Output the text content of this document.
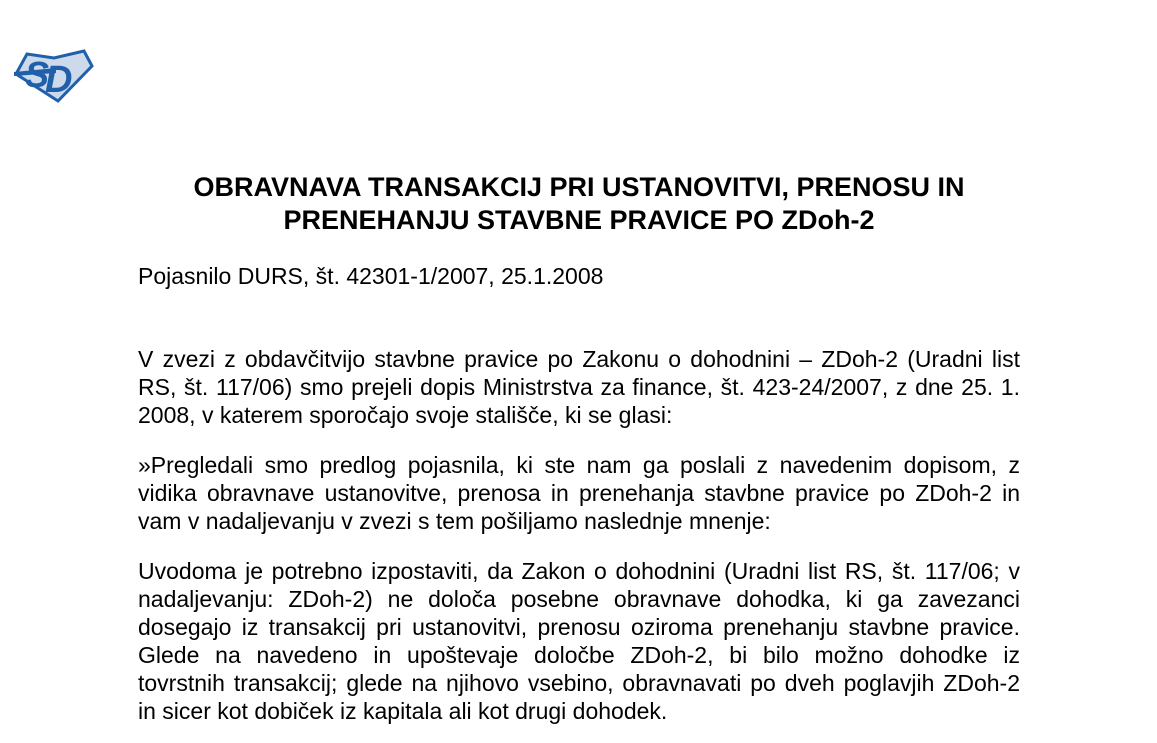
S
D
OBRAVNAVA TRANSAKCIJ PRI USTANOVITVI, PRENOSU IN
PRENEHANJU STAVBNE PRAVICE PO ZDoh-2
Pojasnilo DURS, št. 42301-1/2007, 25.1.2008
V zvezi z obdavčitvijo stavbne pravice po Zakonu o dohodnini – ZDoh-2 (Uradni list
RS, št. 117/06) smo prejeli dopis Ministrstva za finance, št. 423-24/2007, z dne 25. 1.
2008, v katerem sporočajo svoje stališče, ki se glasi:
»Pregledali smo predlog pojasnila, ki ste nam ga poslali z navedenim dopisom, z
vidika obravnave ustanovitve, prenosa in prenehanja stavbne pravice po ZDoh-2 in
vam v nadaljevanju v zvezi s tem pošiljamo naslednje mnenje:
Uvodoma je potrebno izpostaviti, da Zakon o dohodnini (Uradni list RS, št. 117/06; v
nadaljevanju: ZDoh-2) ne določa posebne obravnave dohodka, ki ga zavezanci
dosegajo iz transakcij pri ustanovitvi, prenosu oziroma prenehanju stavbne pravice.
Glede na navedeno in upoštevaje določbe ZDoh-2, bi bilo možno dohodke iz
tovrstnih transakcij; glede na njihovo vsebino, obravnavati po dveh poglavjih ZDoh-2
in sicer kot dobiček iz kapitala ali kot drugi dohodek.
